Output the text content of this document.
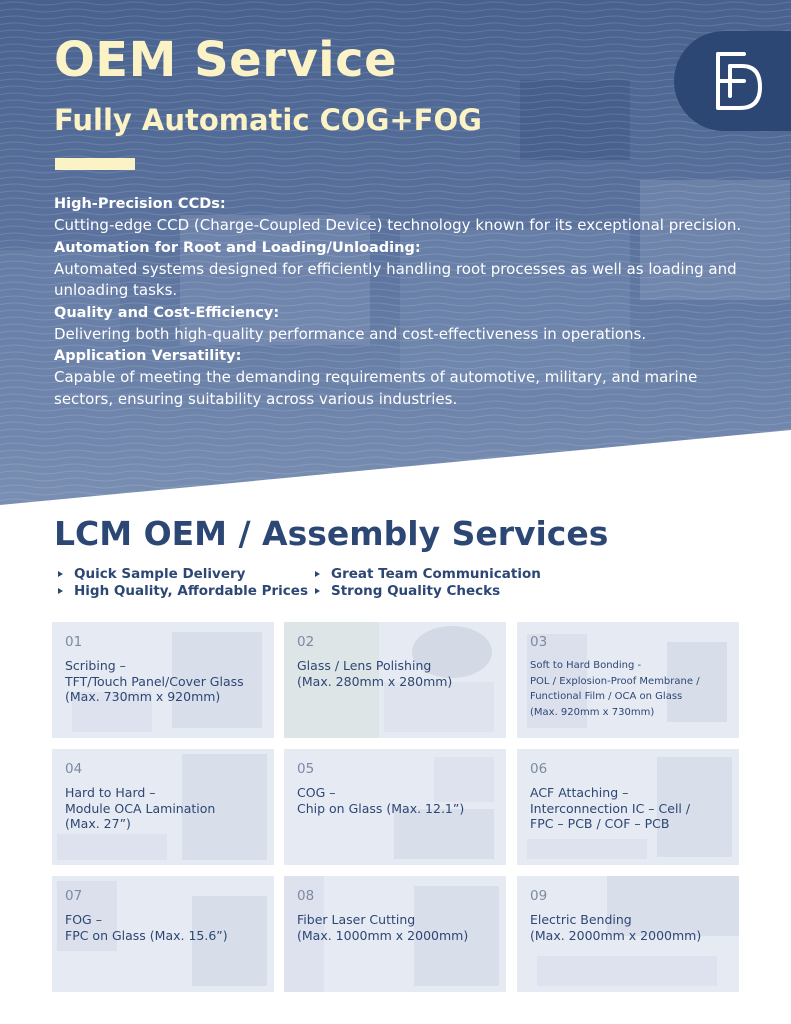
OEM Service
Fully Automatic COG+FOG
High-Precision CCDs:
Cutting-edge CCD (Charge-Coupled Device) technology known for its exceptional precision.
Automation for Root and Loading/Unloading:
Automated systems designed for efficiently handling root processes as well as loading and unloading tasks.
Quality and Cost-Efficiency:
Delivering both high-quality performance and cost-effectiveness in operations.
Application Versatility:
Capable of meeting the demanding requirements of automotive, military, and marine sectors, ensuring suitability across various industries.
LCM OEM / Assembly Services
Quick Sample Delivery
High Quality, Affordable Prices
Great Team Communication
Strong Quality Checks
01
Scribing –
TFT/Touch Panel/Cover Glass
(Max. 730mm x 920mm)
02
Glass / Lens Polishing
(Max. 280mm x 280mm)
03
Soft to Hard Bonding -
POL / Explosion-Proof Membrane /
Functional Film / OCA on Glass
(Max. 920mm x 730mm)
04
Hard to Hard –
Module OCA Lamination
(Max. 27”)
05
COG –
Chip on Glass (Max. 12.1”)
06
ACF Attaching –
Interconnection IC – Cell /
FPC – PCB / COF – PCB
07
FOG –
FPC on Glass (Max. 15.6”)
08
Fiber Laser Cutting
(Max. 1000mm x 2000mm)
09
Electric Bending
(Max. 2000mm x 2000mm)
